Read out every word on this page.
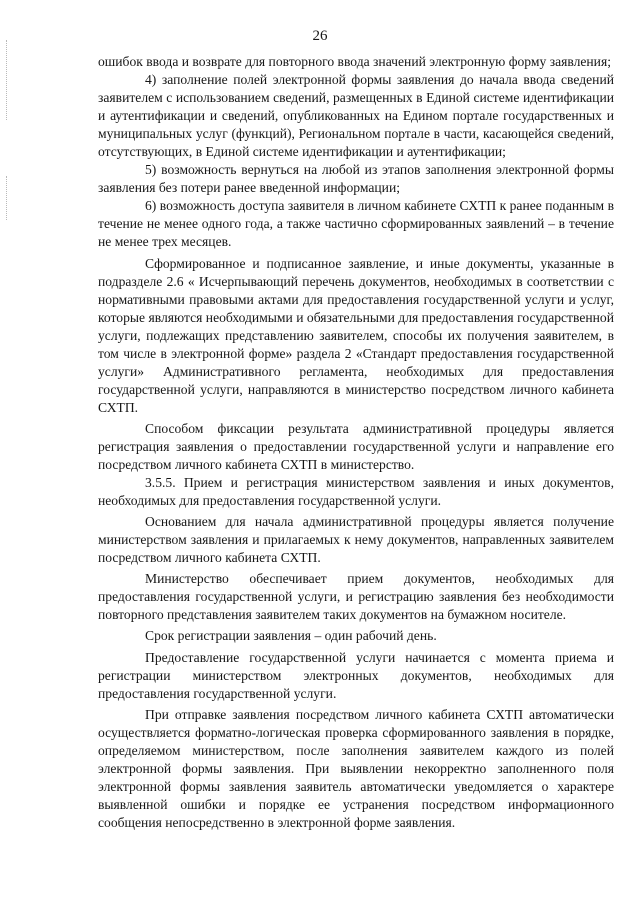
26

ошибок ввода и возврате для повторного ввода значений электронную форму заявления;

4) заполнение полей электронной формы заявления до начала ввода сведений заявителем с использованием сведений, размещенных в Единой системе идентификации и аутентификации и сведений, опубликованных на Едином портале государственных и муниципальных услуг (функций), Региональном портале в части, касающейся сведений, отсутствующих, в Единой системе идентификации и аутентификации;

5) возможность вернуться на любой из этапов заполнения электронной формы заявления без потери ранее введенной информации;

6) возможность доступа заявителя в личном кабинете СХТП к ранее поданным в течение не менее одного года, а также частично сформированных заявлений – в течение не менее трех месяцев.

Сформированное и подписанное заявление, и иные документы, указанные в подразделе 2.6 « Исчерпывающий перечень документов, необходимых в соответствии с нормативными правовыми актами для предоставления государственной услуги и услуг, которые являются необходимыми и обязательными для предоставления государственной услуги, подлежащих представлению заявителем, способы их получения заявителем, в том числе в электронной форме» раздела 2 «Стандарт предоставления государственной услуги» Административного регламента, необходимых для предоставления государственной услуги, направляются в министерство посредством личного кабинета СХТП.

Способом фиксации результата административной процедуры является регистрация заявления о предоставлении государственной услуги и направление его посредством личного кабинета СХТП в министерство.

3.5.5. Прием и регистрация министерством заявления и иных документов, необходимых для предоставления государственной услуги.

Основанием для начала административной процедуры является получение министерством заявления и прилагаемых к нему документов, направленных заявителем посредством личного кабинета СХТП.

Министерство обеспечивает прием документов, необходимых для предоставления государственной услуги, и регистрацию заявления без необходимости повторного представления заявителем таких документов на бумажном носителе.

Срок регистрации заявления – один рабочий день.

Предоставление государственной услуги начинается с момента приема и регистрации министерством электронных документов, необходимых для предоставления государственной услуги.

При отправке заявления посредством личного кабинета СХТП автоматически осуществляется форматно-логическая проверка сформированного заявления в порядке, определяемом министерством, после заполнения заявителем каждого из полей электронной формы заявления. При выявлении некорректно заполненного поля электронной формы заявления заявитель автоматически уведомляется о характере выявленной ошибки и порядке ее устранения посредством информационного сообщения непосредственно в электронной форме заявления.
